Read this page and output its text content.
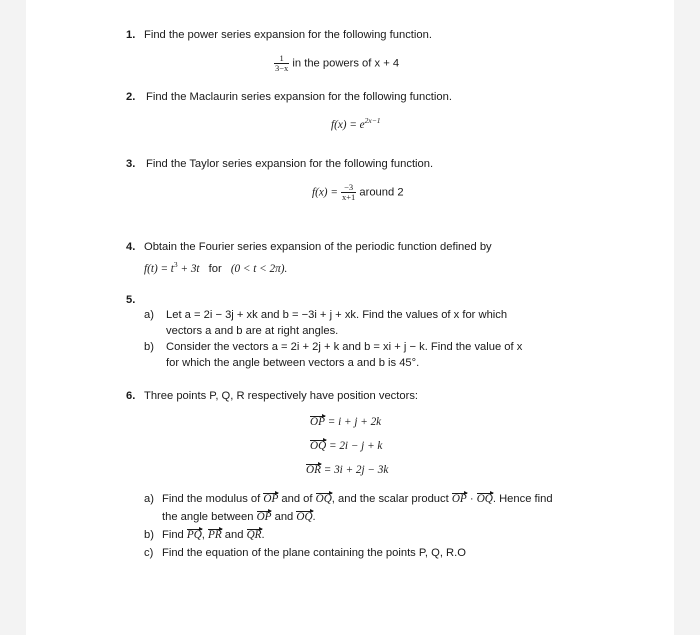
1. Find the power series expansion for the following function.
$\frac{1}{3-x}$ in the powers of x + 4
2. Find the Maclaurin series expansion for the following function.
$f(x) = e^{2x-1}$
3. Find the Taylor series expansion for the following function.
$f(x) = \frac{-3}{x+1}$ around 2
4. Obtain the Fourier series expansion of the periodic function defined by
$f(t) = t^3 + 3t$ for (0 < t < 2π).
5.
a) Let a = 2i − 3j + xk and b = −3i + j + xk. Find the values of x for which
vectors a and b are at right angles.
b) Consider the vectors a = 2i + 2j + k and b = xi + j − k. Find the value of x
for which the angle between vectors a and b is 45°.
6. Three points P, Q, R respectively have position vectors:
OP = i + j + 2k
OQ = 2i − j + k
OR = 3i + 2j − 3k
a) Find the modulus of OP and of OQ, and the scalar product OP · OQ. Hence find
the angle between OP and OQ.
b) Find PQ, PR and QR.
c) Find the equation of the plane containing the points P, Q, R.O
